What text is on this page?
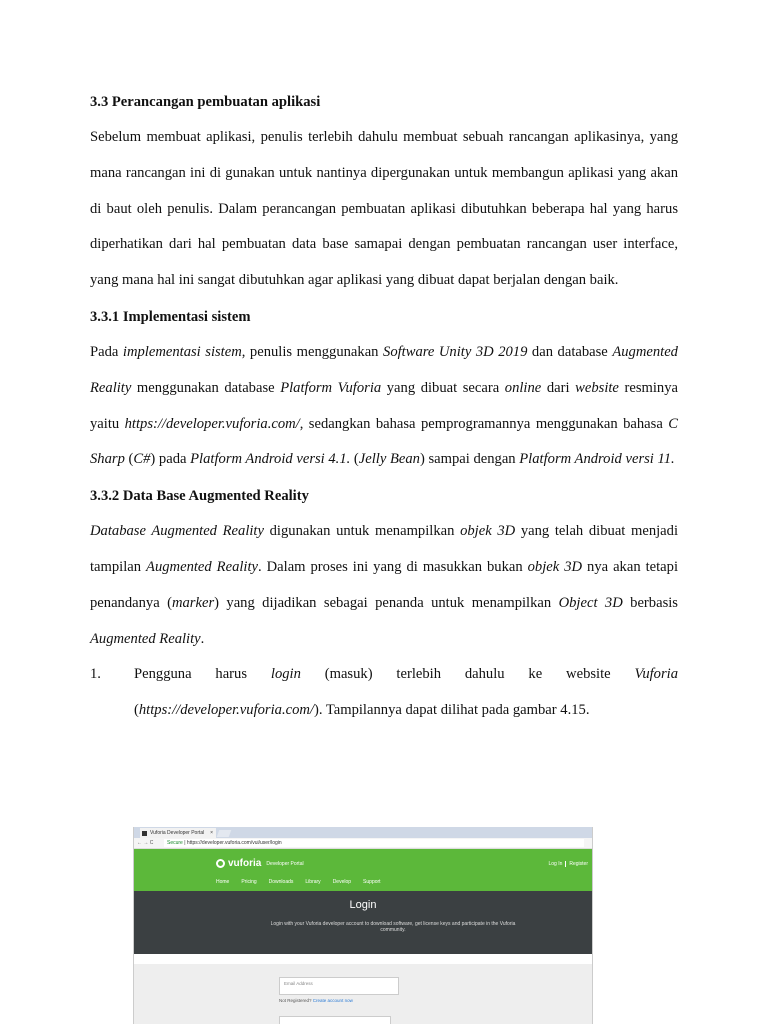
3.3 Perancangan pembuatan aplikasi

Sebelum membuat aplikasi, penulis terlebih dahulu membuat sebuah rancangan aplikasinya, yang mana rancangan ini di gunakan untuk nantinya dipergunakan untuk membangun aplikasi yang akan di baut oleh penulis. Dalam perancangan pembuatan aplikasi dibutuhkan beberapa hal yang harus diperhatikan dari hal pembuatan data base samapai dengan pembuatan rancangan user interface, yang mana hal ini sangat dibutuhkan agar aplikasi yang dibuat dapat berjalan dengan baik.

3.3.1 Implementasi sistem

Pada implementasi sistem, penulis menggunakan Software Unity 3D 2019 dan database Augmented Reality menggunakan database Platform Vuforia yang dibuat secara online dari website resminya yaitu https://developer.vuforia.com/, sedangkan bahasa pemprogramannya menggunakan bahasa C Sharp (C#) pada Platform Android versi 4.1. (Jelly Bean) sampai dengan Platform Android versi 11.

3.3.2 Data Base Augmented Reality

Database Augmented Reality digunakan untuk menampilkan objek 3D yang telah dibuat menjadi tampilan Augmented Reality. Dalam proses ini yang di masukkan bukan objek 3D nya akan tetapi penandanya (marker) yang dijadikan sebagai penanda untuk menampilkan Object 3D berbasis Augmented Reality.

1.	Pengguna harus login (masuk) terlebih dahulu ke website Vuforia (https://developer.vuforia.com/). Tampilannya dapat dilihat pada gambar 4.15.
Vuforia Developer Portal ×
← → C	Secure | https://developer.vuforia.com/vui/user/login
vuforia Developer Portal	Log In Register
Home Pricing Downloads Library Develop Support
Login
Login with your Vuforia developer account to download software, get license keys and participate in the Vuforia community.
Email Address
Not Registered? Create account now
